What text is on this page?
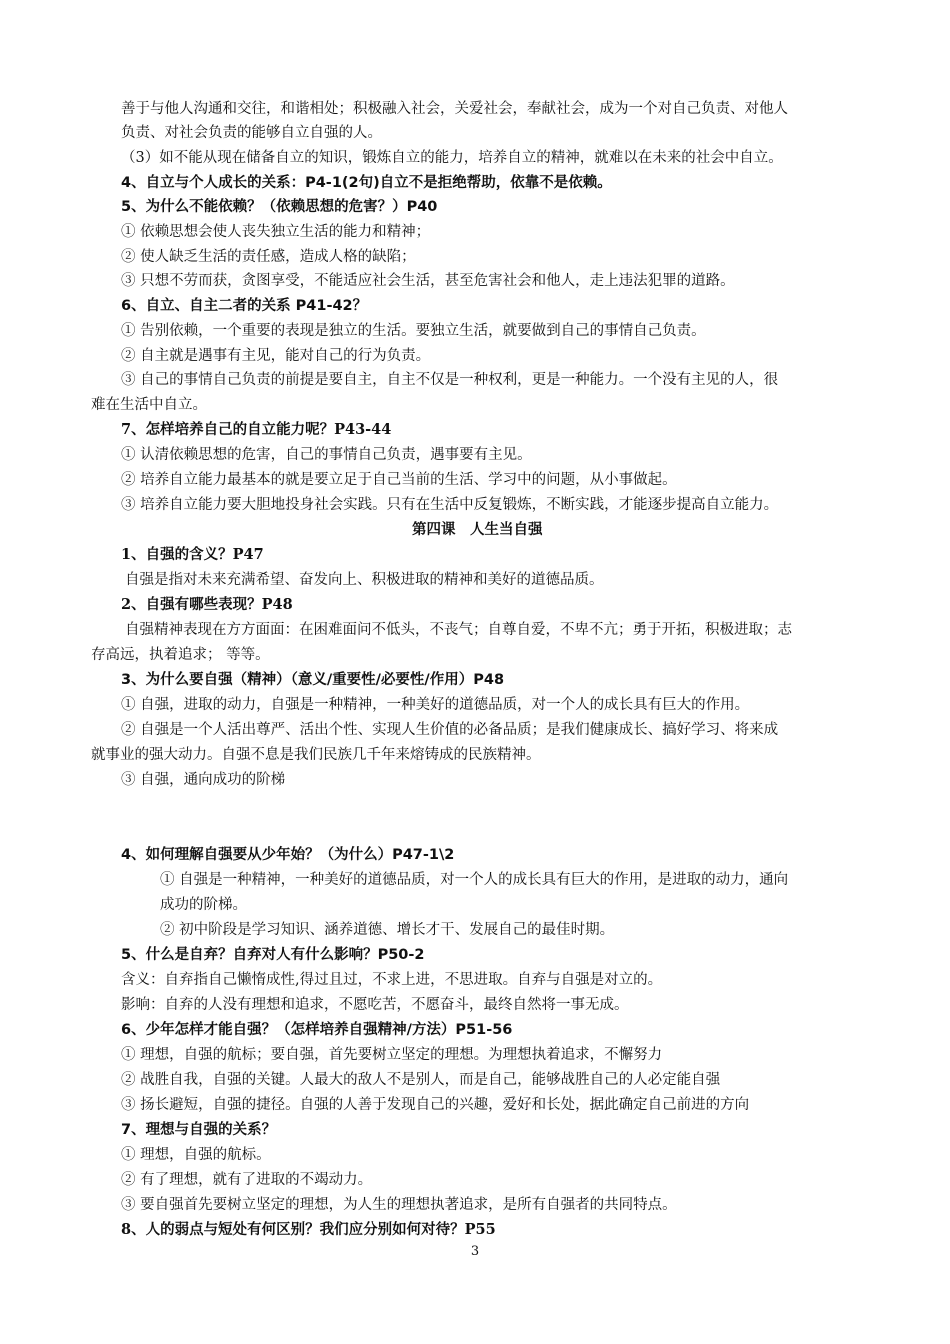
善于与他人沟通和交往，和谐相处；积极融入社会，关爱社会，奉献社会，成为一个对自己负责、对他人
负责、对社会负责的能够自立自强的人。
（3）如不能从现在储备自立的知识，锻炼自立的能力，培养自立的精神，就难以在未来的社会中自立。
4、自立与个人成长的关系：P4-1(2句)自立不是拒绝帮助，依靠不是依赖。
5、为什么不能依赖？（依赖思想的危害？）P40
① 依赖思想会使人丧失独立生活的能力和精神；
② 使人缺乏生活的责任感，造成人格的缺陷；
③ 只想不劳而获，贪图享受，不能适应社会生活，甚至危害社会和他人，走上违法犯罪的道路。
6、自立、自主二者的关系 P41-42？
① 告别依赖，一个重要的表现是独立的生活。要独立生活，就要做到自己的事情自己负责。
② 自主就是遇事有主见，能对自己的行为负责。
③ 自己的事情自己负责的前提是要自主，自主不仅是一种权利，更是一种能力。一个没有主见的人，很
难在生活中自立。
7、怎样培养自己的自立能力呢？P43-44
① 认清依赖思想的危害，自己的事情自己负责，遇事要有主见。
② 培养自立能力最基本的就是要立足于自己当前的生活、学习中的问题，从小事做起。
③ 培养自立能力要大胆地投身社会实践。只有在生活中反复锻炼，不断实践，才能逐步提高自立能力。
第四课　人生当自强
1、自强的含义？P47
自强是指对未来充满希望、奋发向上、积极进取的精神和美好的道德品质。
2、自强有哪些表现？P48
自强精神表现在方方面面：在困难面问不低头，不丧气；自尊自爱，不卑不亢；勇于开拓，积极进取；志
存高远，执着追求； 等等。
3、为什么要自强（精神）（意义/重要性/必要性/作用）P48
① 自强，进取的动力，自强是一种精神，一种美好的道德品质，对一个人的成长具有巨大的作用。
② 自强是一个人活出尊严、活出个性、实现人生价值的必备品质；是我们健康成长、搞好学习、将来成
就事业的强大动力。自强不息是我们民族几千年来熔铸成的民族精神。
③ 自强，通向成功的阶梯
4、如何理解自强要从少年始？（为什么）P47-1\2
① 自强是一种精神，一种美好的道德品质，对一个人的成长具有巨大的作用，是进取的动力，通向
成功的阶梯。
② 初中阶段是学习知识、涵养道德、增长才干、发展自己的最佳时期。
5、什么是自弃？自弃对人有什么影响？P50-2
含义：自弃指自己懒惰成性,得过且过，不求上进，不思进取。自弃与自强是对立的。
影响：自弃的人没有理想和追求，不愿吃苦，不愿奋斗，最终自然将一事无成。
6、少年怎样才能自强？（怎样培养自强精神/方法）P51-56
① 理想，自强的航标；要自强，首先要树立坚定的理想。为理想执着追求，不懈努力
② 战胜自我，自强的关键。人最大的敌人不是别人，而是自己，能够战胜自己的人必定能自强
③ 扬长避短，自强的捷径。自强的人善于发现自己的兴趣，爱好和长处，据此确定自己前进的方向
7、理想与自强的关系？
① 理想，自强的航标。
② 有了理想，就有了进取的不竭动力。
③ 要自强首先要树立坚定的理想，为人生的理想执著追求，是所有自强者的共同特点。
8、人的弱点与短处有何区别？我们应分别如何对待？P55
3
